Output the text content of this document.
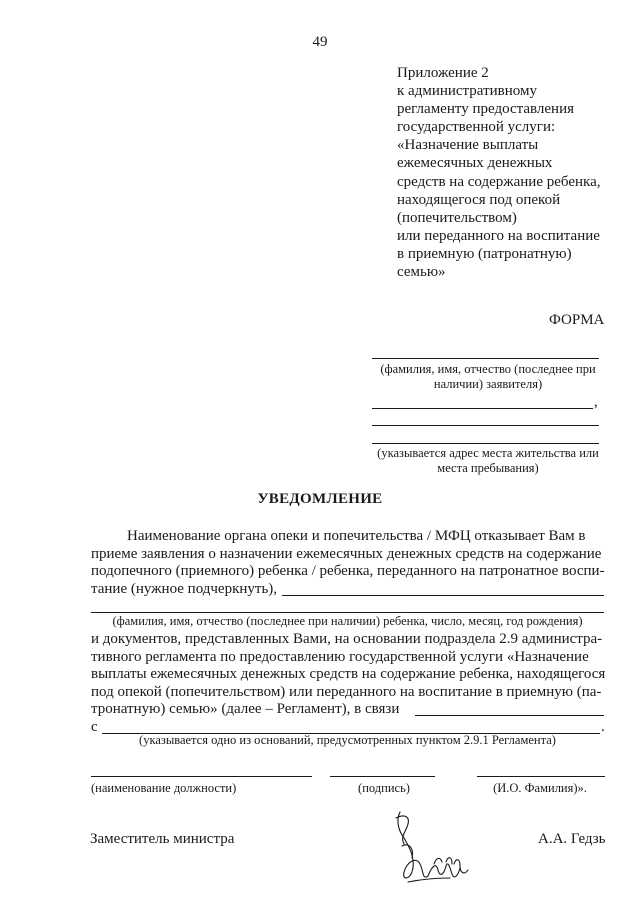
49
Приложение 2
к административному
регламенту предоставления
государственной услуги:
«Назначение выплаты
ежемесячных денежных
средств на содержание ребенка,
находящегося под опекой
(попечительством)
или переданного на воспитание
в приемную (патронатную)
семью»
ФОРМА
(фамилия, имя, отчество (последнее при
наличии) заявителя)
,
(указывается адрес места жительства или
места пребывания)
УВЕДОМЛЕНИЕ
Наименование органа опеки и попечительства / МФЦ отказывает Вам в
приеме заявления о назначении ежемесячных денежных средств на содержание
подопечного (приемного) ребенка / ребенка, переданного на патронатное воспи-
тание (нужное подчеркнуть),
(фамилия, имя, отчество (последнее при наличии) ребенка, число, месяц, год рождения)
и документов, представленных Вами, на основании подраздела 2.9 администра-
тивного регламента по предоставлению государственной услуги «Назначение
выплаты ежемесячных денежных средств на содержание ребенка, находящегося
под опекой (попечительством) или переданного на воспитание в приемную (па-
тронатную) семью» (далее – Регламент), в связи
с	.
(указывается одно из оснований, предусмотренных пунктом 2.9.1 Регламента)
(наименование должности)	(подпись)	(И.О. Фамилия)».
Заместитель министра	А.А. Гедзь
